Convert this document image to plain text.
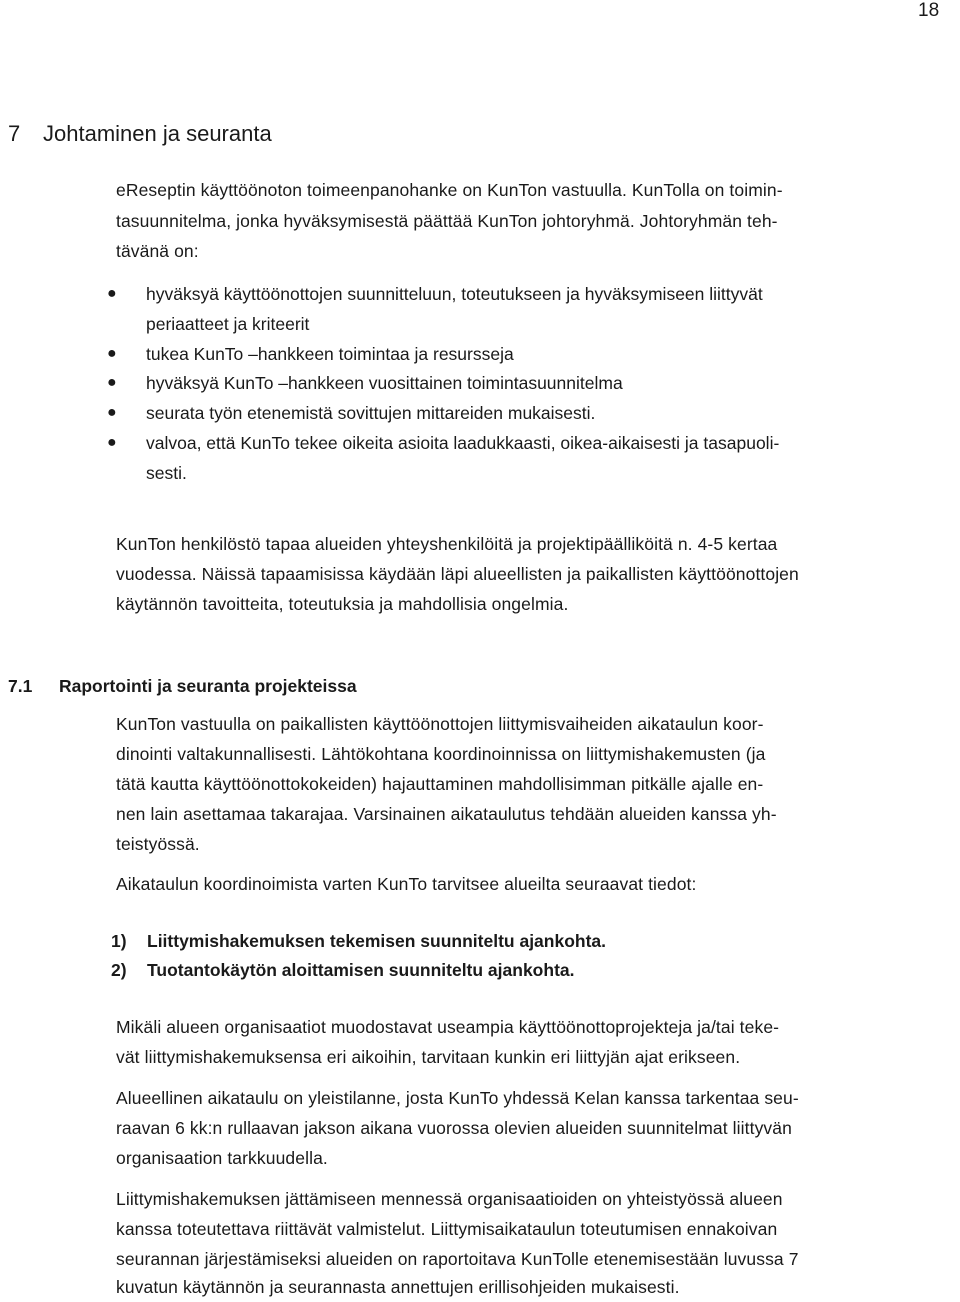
18
7 Johtaminen ja seuranta
eReseptin käyttöönoton toimeenpanohanke on KunTon vastuulla. KunTolla on toimin-
tasuunnitelma, jonka hyväksymisestä päättää KunTon johtoryhmä. Johtoryhmän teh-
tävänä on:
● hyväksyä käyttöönottojen suunnitteluun, toteutukseen ja hyväksymiseen liittyvät
periaatteet ja kriteerit
● tukea KunTo –hankkeen toimintaa ja resursseja
● hyväksyä KunTo –hankkeen vuosittainen toimintasuunnitelma
● seurata työn etenemistä sovittujen mittareiden mukaisesti.
● valvoa, että KunTo tekee oikeita asioita laadukkaasti, oikea-aikaisesti ja tasapuoli-
sesti.
KunTon henkilöstö tapaa alueiden yhteyshenkilöitä ja projektipäälliköitä n. 4-5 kertaa
vuodessa. Näissä tapaamisissa käydään läpi alueellisten ja paikallisten käyttöönottojen
käytännön tavoitteita, toteutuksia ja mahdollisia ongelmia.
7.1 Raportointi ja seuranta projekteissa
KunTon vastuulla on paikallisten käyttöönottojen liittymisvaiheiden aikataulun koor-
dinointi valtakunnallisesti. Lähtökohtana koordinoinnissa on liittymishakemusten (ja
tätä kautta käyttöönottokokeiden) hajauttaminen mahdollisimman pitkälle ajalle en-
nen lain asettamaa takarajaa. Varsinainen aikataulutus tehdään alueiden kanssa yh-
teistyössä.
Aikataulun koordinoimista varten KunTo tarvitsee alueilta seuraavat tiedot:
1) Liittymishakemuksen tekemisen suunniteltu ajankohta.
2) Tuotantokäytön aloittamisen suunniteltu ajankohta.
Mikäli alueen organisaatiot muodostavat useampia käyttöönottoprojekteja ja/tai teke-
vät liittymishakemuksensa eri aikoihin, tarvitaan kunkin eri liittyjän ajat erikseen.
Alueellinen aikataulu on yleistilanne, josta KunTo yhdessä Kelan kanssa tarkentaa seu-
raavan 6 kk:n rullaavan jakson aikana vuorossa olevien alueiden suunnitelmat liittyvän
organisaation tarkkuudella.
Liittymishakemuksen jättämiseen mennessä organisaatioiden on yhteistyössä alueen
kanssa toteutettava riittävät valmistelut. Liittymisaikataulun toteutumisen ennakoivan
seurannan järjestämiseksi alueiden on raportoitava KunTolle etenemisestään luvussa 7
kuvatun käytännön ja seurannasta annettujen erillisohjeiden mukaisesti.
